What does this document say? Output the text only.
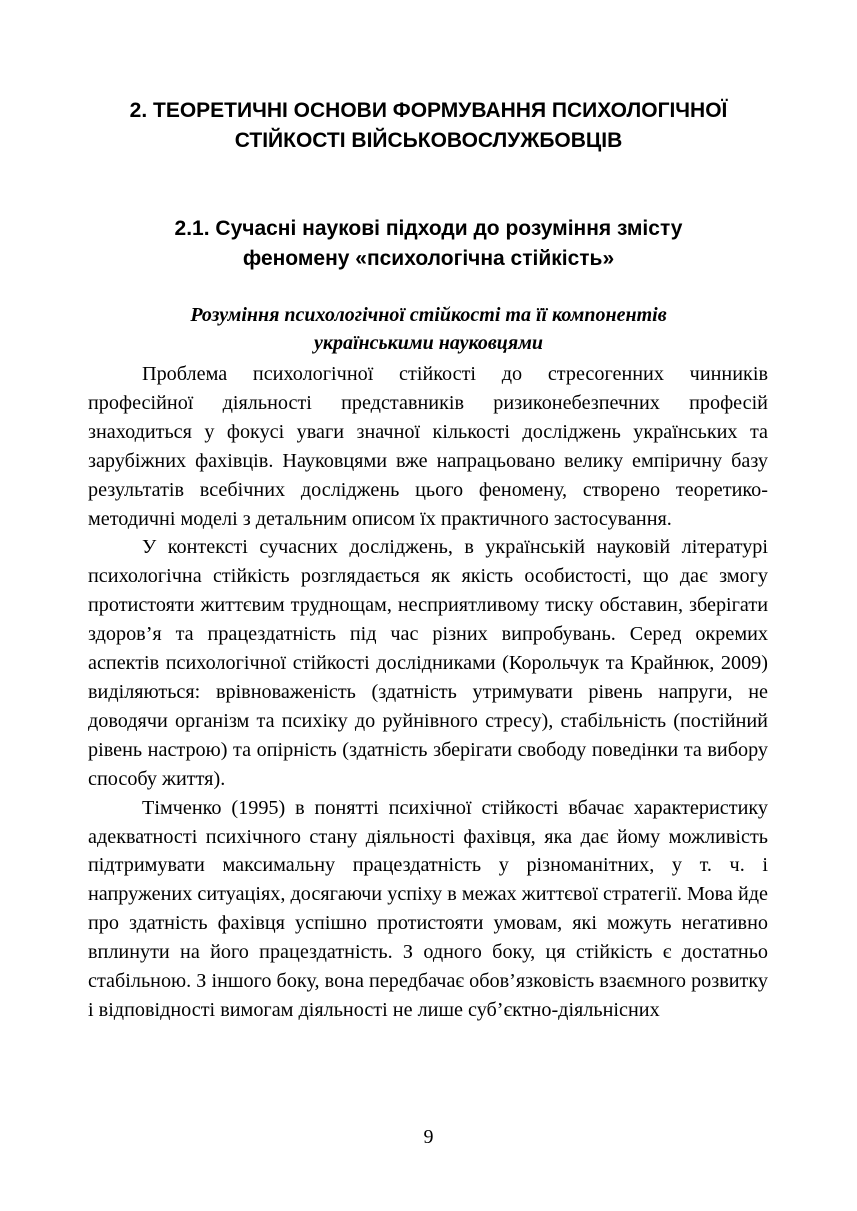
2. ТЕОРЕТИЧНІ ОСНОВИ ФОРМУВАННЯ ПСИХОЛОГІЧНОЇ
СТІЙКОСТІ ВІЙСЬКОВОСЛУЖБОВЦІВ
2.1. Сучасні наукові підходи до розуміння змісту
феномену «психологічна стійкість»
Розуміння психологічної стійкості та її компонентів
українськими науковцями

Проблема психологічної стійкості до стресогенних чинників професійної діяльності представників ризиконебезпечних професій знаходиться у фокусі уваги значної кількості досліджень українських та зарубіжних фахівців. Науковцями вже напрацьовано велику емпіричну базу результатів всебічних досліджень цього феномену, створено теоретико-методичні моделі з детальним описом їх практичного застосування.

У контексті сучасних досліджень, в українській науковій літературі психологічна стійкість розглядається як якість особистості, що дає змогу протистояти життєвим труднощам, несприятливому тиску обставин, зберігати здоров’я та працездатність під час різних випробувань. Серед окремих аспектів психологічної стійкості дослідниками (Корольчук та Крайнюк, 2009) виділяються: врівноваженість (здатність утримувати рівень напруги, не доводячи організм та психіку до руйнівного стресу), стабільність (постійний рівень настрою) та опірність (здатність зберігати свободу поведінки та вибору способу життя).

Тімченко (1995) в понятті психічної стійкості вбачає характеристику адекватності психічного стану діяльності фахівця, яка дає йому можливість підтримувати максимальну працездатність у різноманітних, у т. ч. і напружених ситуаціях, досягаючи успіху в межах життєвої стратегії. Мова йде про здатність фахівця успішно протистояти умовам, які можуть негативно вплинути на його працездатність. З одного боку, ця стійкість є достатньо стабільною. З іншого боку, вона передбачає обов’язковість взаємного розвитку і відповідності вимогам діяльності не лише суб’єктно-діяльнісних

9
